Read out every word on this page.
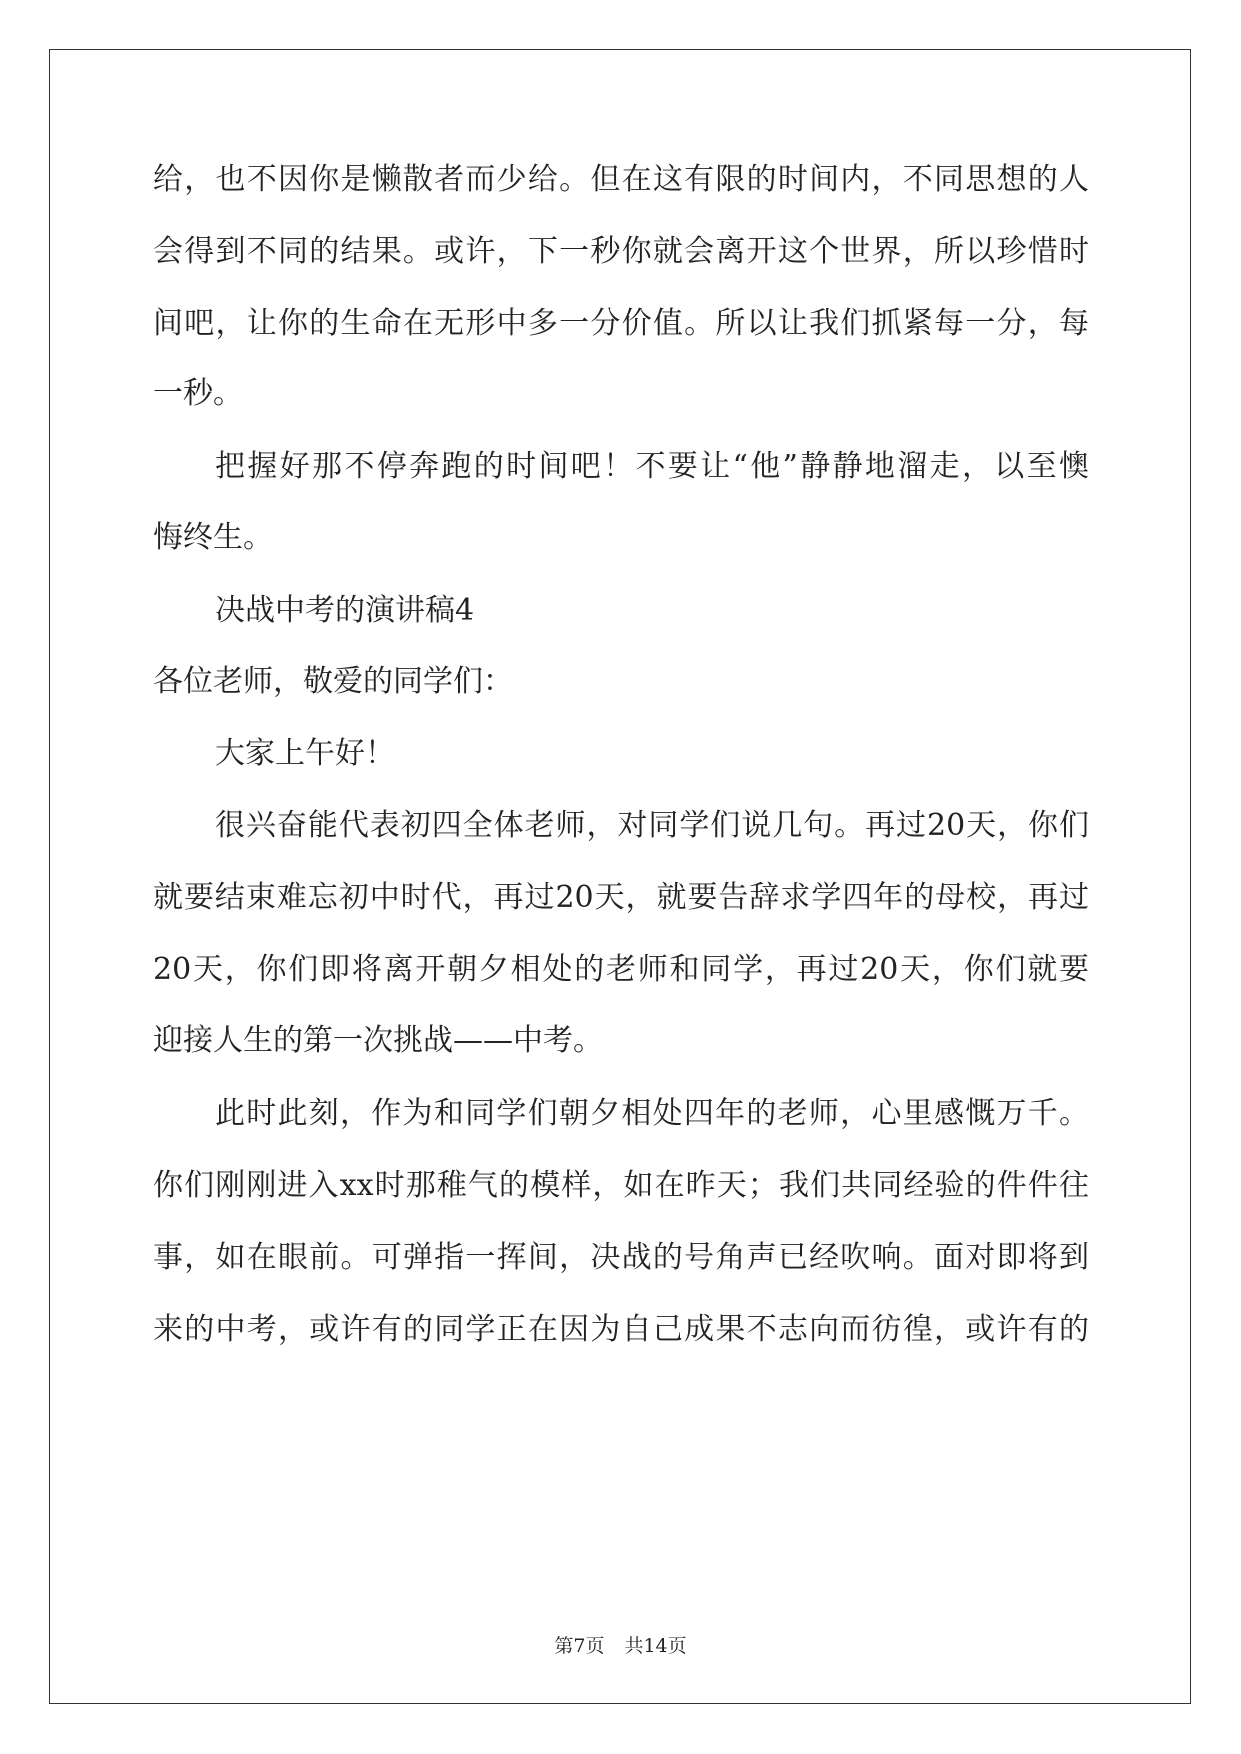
给，也不因你是懒散者而少给。但在这有限的时间内，不同思想的人
会得到不同的结果。或许，下一秒你就会离开这个世界，所以珍惜时
间吧，让你的生命在无形中多一分价值。所以让我们抓紧每一分，每
一秒。
把握好那不停奔跑的时间吧！不要让“他”静静地溜走，以至懊
悔终生。
决战中考的演讲稿4
各位老师，敬爱的同学们：
大家上午好！
很兴奋能代表初四全体老师，对同学们说几句。再过20天，你们
就要结束难忘初中时代，再过20天，就要告辞求学四年的母校，再过
20天，你们即将离开朝夕相处的老师和同学，再过20天，你们就要
迎接人生的第一次挑战——中考。
此时此刻，作为和同学们朝夕相处四年的老师，心里感慨万千。
你们刚刚进入xx时那稚气的模样，如在昨天；我们共同经验的件件往
事，如在眼前。可弹指一挥间，决战的号角声已经吹响。面对即将到
来的中考，或许有的同学正在因为自己成果不志向而彷徨，或许有的
第7页 共14页
